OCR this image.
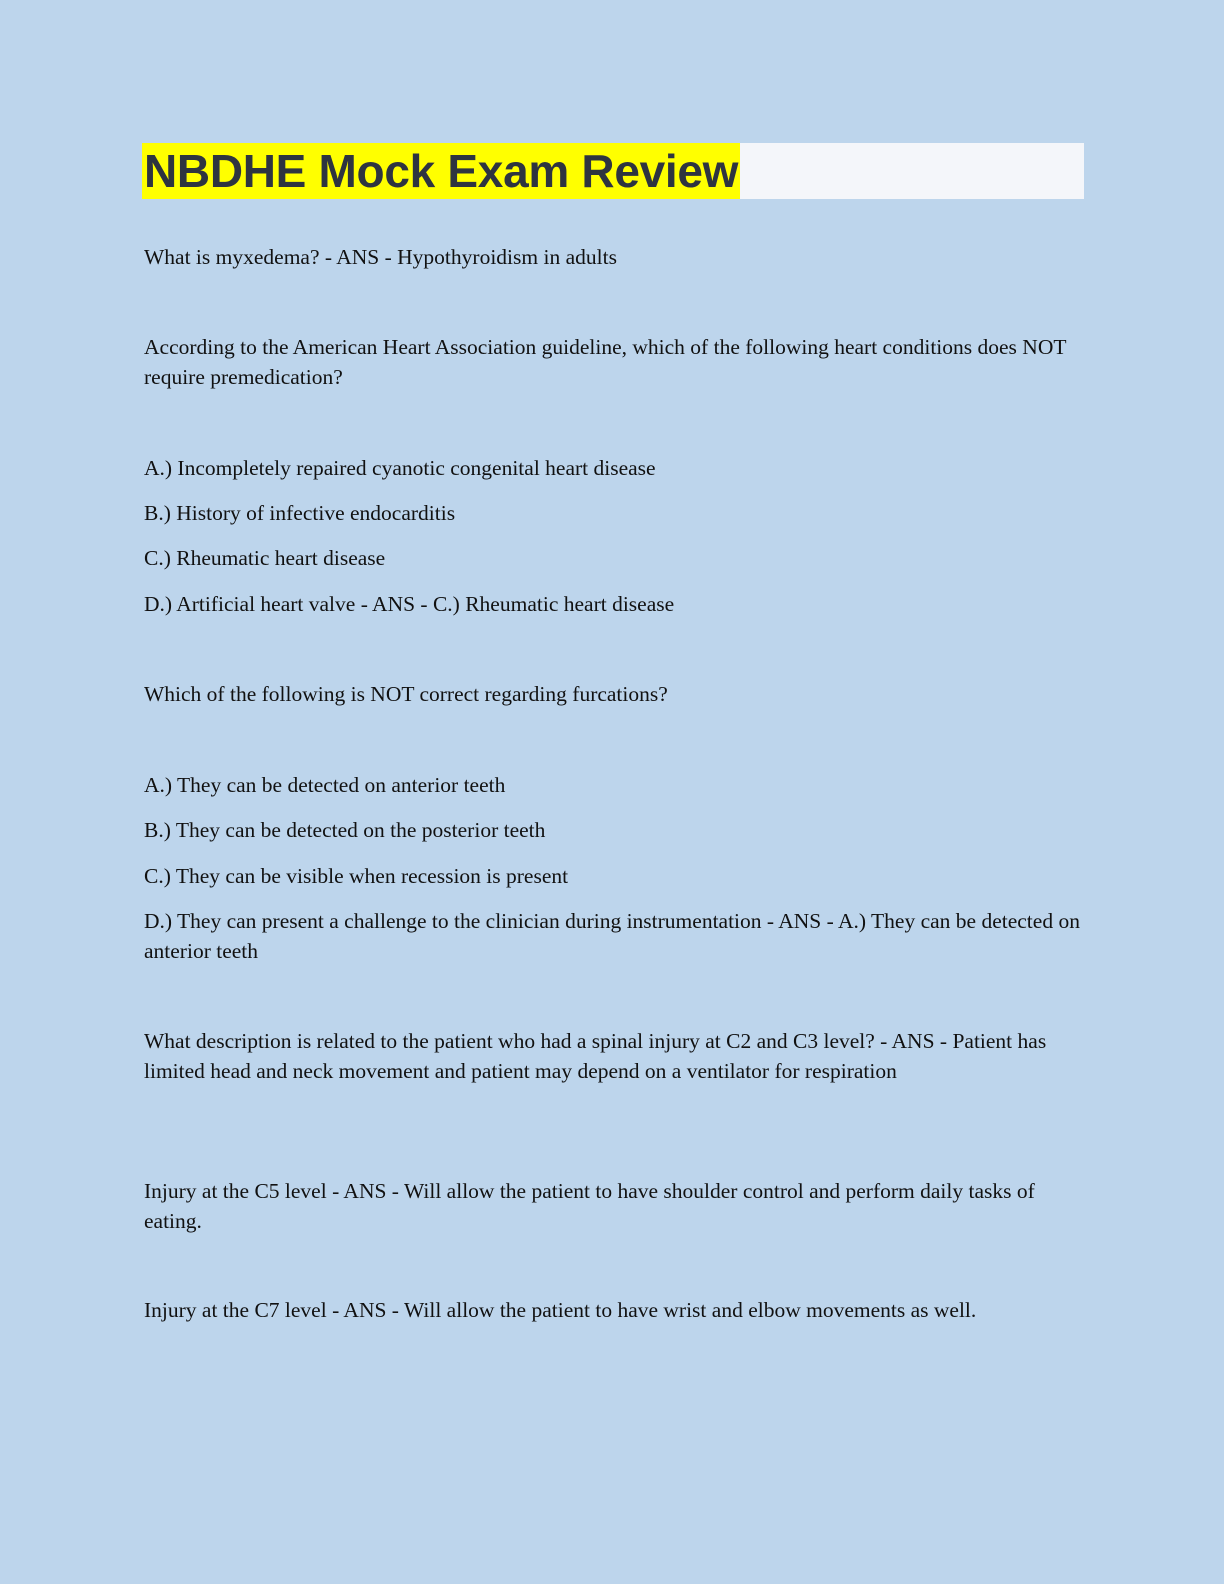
NBDHE Mock Exam Review

What is myxedema? - ANS - Hypothyroidism in adults

According to the American Heart Association guideline, which of the following heart conditions does NOT require premedication?

A.) Incompletely repaired cyanotic congenital heart disease

B.) History of infective endocarditis

C.) Rheumatic heart disease

D.) Artificial heart valve - ANS - C.) Rheumatic heart disease

Which of the following is NOT correct regarding furcations?

A.) They can be detected on anterior teeth

B.) They can be detected on the posterior teeth

C.) They can be visible when recession is present

D.) They can present a challenge to the clinician during instrumentation - ANS - A.) They can be detected on anterior teeth

What description is related to the patient who had a spinal injury at C2 and C3 level? - ANS - Patient has limited head and neck movement and patient may depend on a ventilator for respiration

Injury at the C5 level - ANS - Will allow the patient to have shoulder control and perform daily tasks of eating.

Injury at the C7 level - ANS - Will allow the patient to have wrist and elbow movements as well.
